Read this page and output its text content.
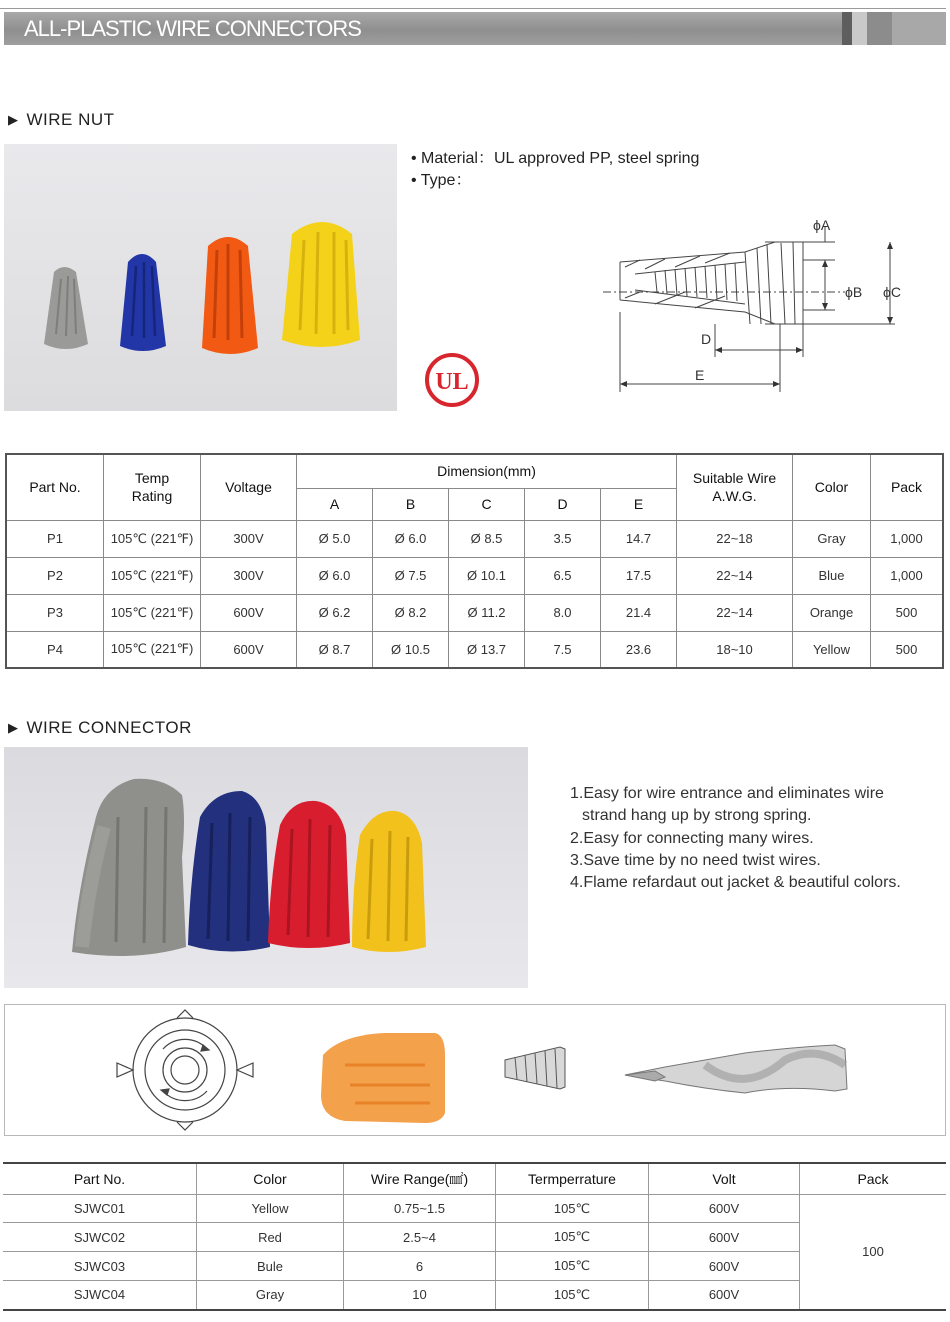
ALL-PLASTIC WIRE CONNECTORS
▶ WIRE NUT
UL
• Material：UL approved PP, steel spring
• Type：
ϕA
ϕB ϕC
D
E
Part No.	Temp Rating	Voltage	Dimension(mm)					Suitable Wire A.W.G.	Color	Pack
			A	B	C	D	E			
P1	105℃ (221℉)	300V	Ø 5.0	Ø 6.0	Ø 8.5	3.5	14.7	22~18	Gray	1,000
P2	105℃ (221℉)	300V	Ø 6.0	Ø 7.5	Ø 10.1	6.5	17.5	22~14	Blue	1,000
P3	105℃ (221℉)	600V	Ø 6.2	Ø 8.2	Ø 11.2	8.0	21.4	22~14	Orange	500
P4	105℃ (221℉)	600V	Ø 8.7	Ø 10.5	Ø 13.7	7.5	23.6	18~10	Yellow	500
▶ WIRE CONNECTOR
1.Easy for wire entrance and eliminates wire
strand hang up by strong spring.
2.Easy for connecting many wires.
3.Save time by no need twist wires.
4.Flame refardaut out jacket & beautiful colors.
Part No.	Color	Wire Range(㎟)	Termperrature	Volt	Pack
SJWC01	Yellow	0.75~1.5	105℃	600V	100
SJWC02	Red	2.5~4	105℃	600V	
SJWC03	Bule	6	105℃	600V	
SJWC04	Gray	10	105℃	600V	
